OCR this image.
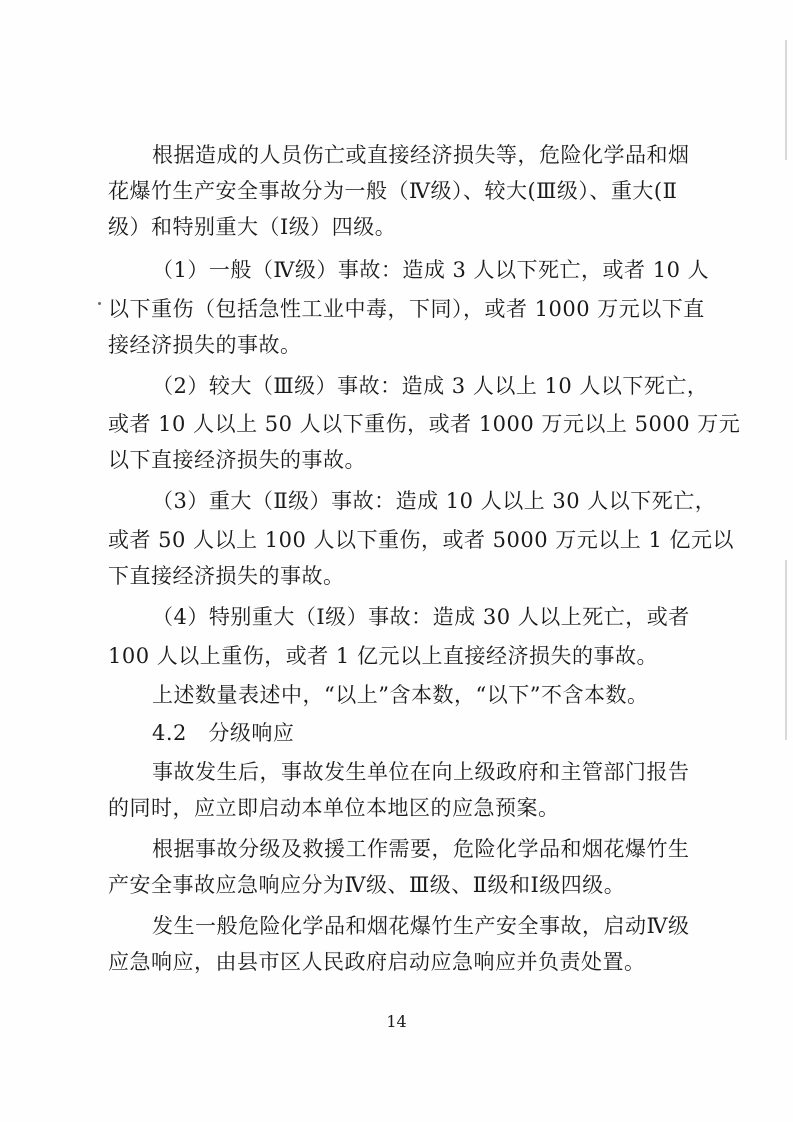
根据造成的人员伤亡或直接经济损失等，危险化学品和烟
花爆竹生产安全事故分为一般（Ⅳ级）、较大(Ⅲ级）、重大(Ⅱ
级）和特别重大（Ⅰ级）四级。
（1）一般（Ⅳ级）事故：造成 3 人以下死亡，或者 10 人
以下重伤（包括急性工业中毒，下同），或者 1000 万元以下直
接经济损失的事故。
（2）较大（Ⅲ级）事故：造成 3 人以上 10 人以下死亡，
或者 10 人以上 50 人以下重伤，或者 1000 万元以上 5000 万元
以下直接经济损失的事故。
（3）重大（Ⅱ级）事故：造成 10 人以上 30 人以下死亡，
或者 50 人以上 100 人以下重伤，或者 5000 万元以上 1 亿元以
下直接经济损失的事故。
（4）特别重大（Ⅰ级）事故：造成 30 人以上死亡，或者
100 人以上重伤，或者 1 亿元以上直接经济损失的事故。
上述数量表述中，“以上”含本数，“以下”不含本数。
4.2　分级响应
事故发生后，事故发生单位在向上级政府和主管部门报告
的同时，应立即启动本单位本地区的应急预案。
根据事故分级及救援工作需要，危险化学品和烟花爆竹生
产安全事故应急响应分为Ⅳ级、Ⅲ级、Ⅱ级和Ⅰ级四级。
发生一般危险化学品和烟花爆竹生产安全事故，启动Ⅳ级
应急响应，由县市区人民政府启动应急响应并负责处置。
14
